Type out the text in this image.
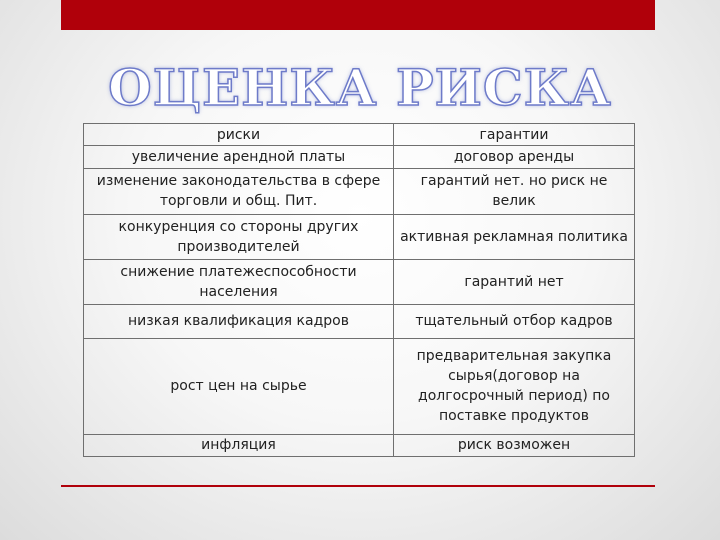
ОЦЕНКА РИСКА
риски	гарантии
увеличение арендной платы	договор аренды
изменение законодательства в сфере торговли и общ. Пит.	гарантий нет. но риск не велик
конкуренция со стороны других производителей	активная рекламная политика
снижение платежеспособности населения	гарантий нет
низкая квалификация кадров	тщательный отбор кадров
рост цен на сырье	предварительная закупка сырья(договор на долгосрочный период) по поставке продуктов
инфляция	риск возможен
